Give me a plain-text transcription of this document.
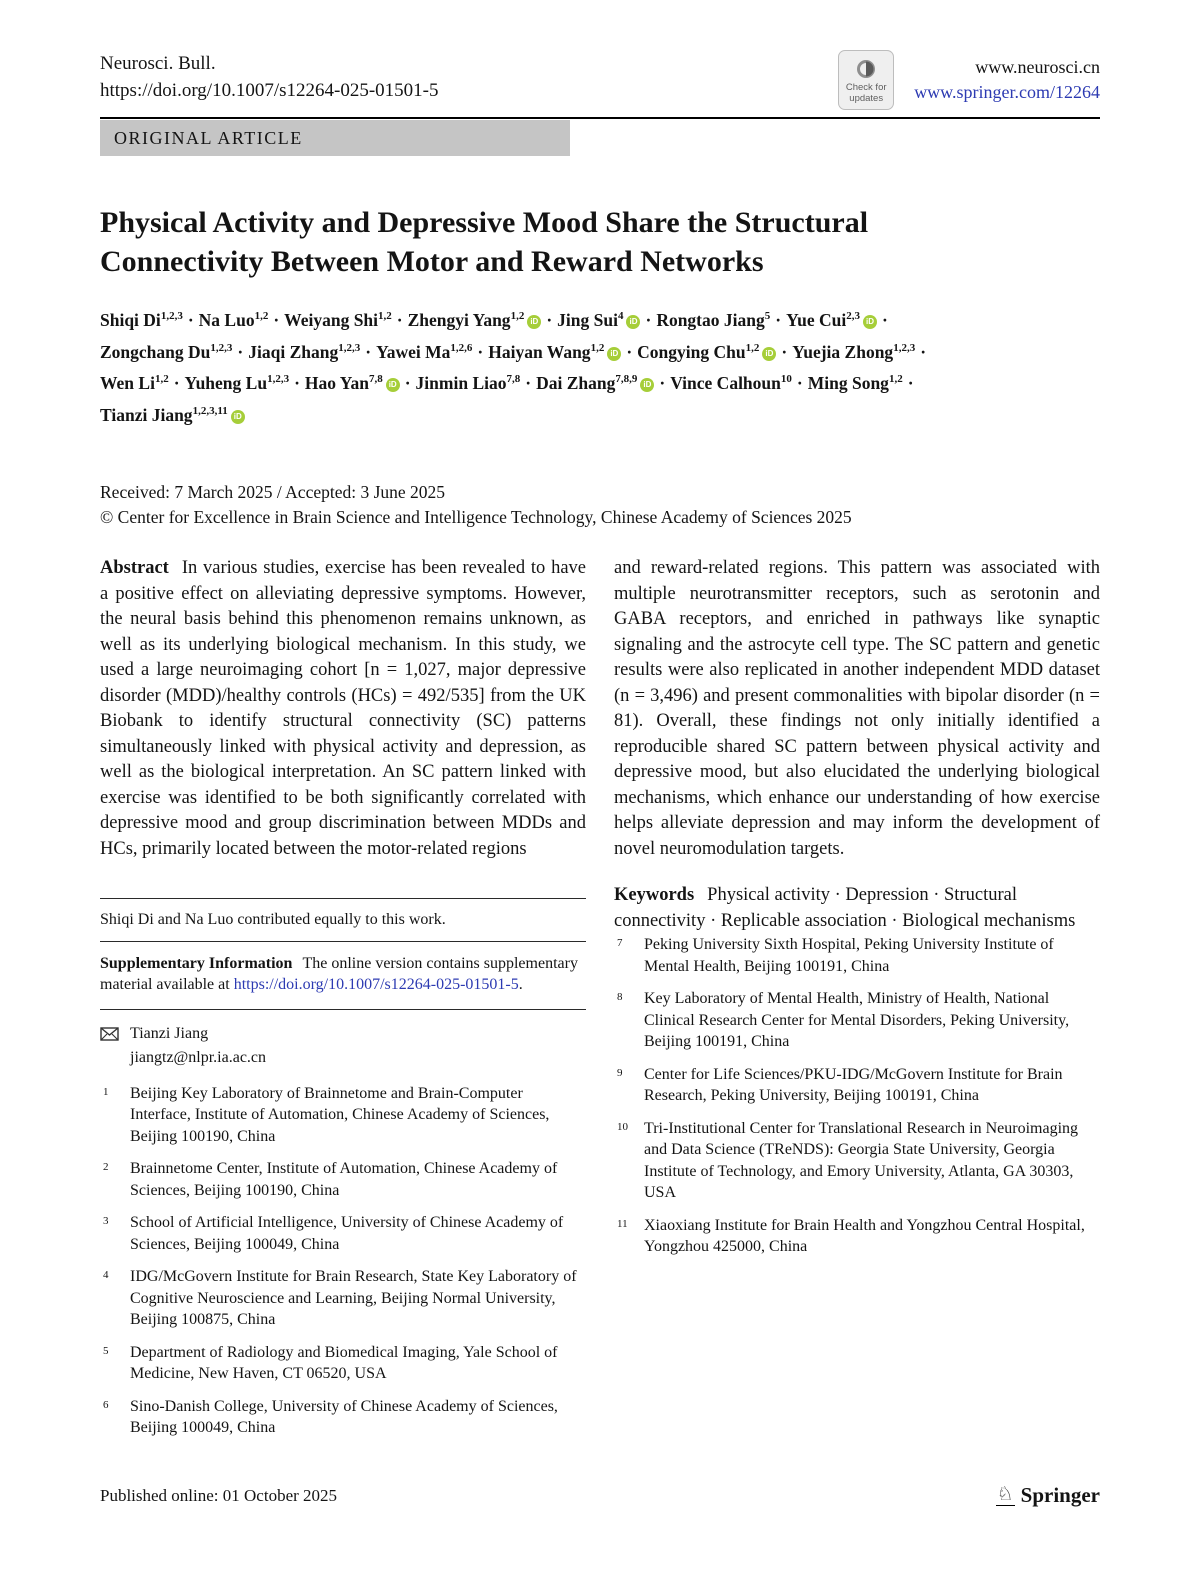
Neurosci. Bull.
https://doi.org/10.1007/s12264-025-01501-5	Check for
updates
www.neurosci.cn
www.springer.com/12264
ORIGINAL ARTICLE
Physical Activity and Depressive Mood Share the Structural Connectivity Between Motor and Reward Networks
Shiqi Di$^{1,2,3}$ · Na Luo$^{1,2}$ · Weiyang Shi$^{1,2}$ · Zhengyi Yang$^{1,2}$ iD · Jing Sui$^4$ iD · Rongtao Jiang$^5$ · Yue Cui$^{2,3}$ iD ·
Zongchang Du$^{1,2,3}$ · Jiaqi Zhang$^{1,2,3}$ · Yawei Ma$^{1,2,6}$ · Haiyan Wang$^{1,2}$ iD · Congying Chu$^{1,2}$ iD · Yuejia Zhong$^{1,2,3}$ ·
Wen Li$^{1,2}$ · Yuheng Lu$^{1,2,3}$ · Hao Yan$^{7,8}$ iD · Jinmin Liao$^{7,8}$ · Dai Zhang$^{7,8,9}$ iD · Vince Calhoun$^{10}$ · Ming Song$^{1,2}$ ·
Tianzi Jiang$^{1,2,3,11}$ iD
Received: 7 March 2025 / Accepted: 3 June 2025
© Center for Excellence in Brain Science and Intelligence Technology, Chinese Academy of Sciences 2025
Abstract In various studies, exercise has been revealed to have a positive effect on alleviating depressive symptoms. However, the neural basis behind this phenomenon remains unknown, as well as its underlying biological mechanism. In this study, we used a large neuroimaging cohort [n = 1,027, major depressive disorder (MDD)/healthy controls (HCs) = 492/535] from the UK Biobank to identify structural connectivity (SC) patterns simultaneously linked with physical activity and depression, as well as the biological interpretation. An SC pattern linked with exercise was identified to be both significantly correlated with depressive mood and group discrimination between MDDs and HCs, primarily located between the motor-related regions
Shiqi Di and Na Luo contributed equally to this work.
Supplementary Information The online version contains supplementary material available at https://doi.org/10.1007/s12264-025-01501-5.
Tianzi Jiang
jiangtz@nlpr.ia.ac.cn
1 Beijing Key Laboratory of Brainnetome and Brain-Computer Interface, Institute of Automation, Chinese Academy of Sciences, Beijing 100190, China
2 Brainnetome Center, Institute of Automation, Chinese Academy of Sciences, Beijing 100190, China
3 School of Artificial Intelligence, University of Chinese Academy of Sciences, Beijing 100049, China
4 IDG/McGovern Institute for Brain Research, State Key Laboratory of Cognitive Neuroscience and Learning, Beijing Normal University, Beijing 100875, China
5 Department of Radiology and Biomedical Imaging, Yale School of Medicine, New Haven, CT 06520, USA
6 Sino-Danish College, University of Chinese Academy of Sciences, Beijing 100049, China
and reward-related regions. This pattern was associated with multiple neurotransmitter receptors, such as serotonin and GABA receptors, and enriched in pathways like synaptic signaling and the astrocyte cell type. The SC pattern and genetic results were also replicated in another independent MDD dataset (n = 3,496) and present commonalities with bipolar disorder (n = 81). Overall, these findings not only initially identified a reproducible shared SC pattern between physical activity and depressive mood, but also elucidated the underlying biological mechanisms, which enhance our understanding of how exercise helps alleviate depression and may inform the development of novel neuromodulation targets.
Keywords Physical activity · Depression · Structural connectivity · Replicable association · Biological mechanisms
7 Peking University Sixth Hospital, Peking University Institute of Mental Health, Beijing 100191, China
8 Key Laboratory of Mental Health, Ministry of Health, National Clinical Research Center for Mental Disorders, Peking University, Beijing 100191, China
9 Center for Life Sciences/PKU-IDG/McGovern Institute for Brain Research, Peking University, Beijing 100191, China
10 Tri-Institutional Center for Translational Research in Neuroimaging and Data Science (TReNDS): Georgia State University, Georgia Institute of Technology, and Emory University, Atlanta, GA 30303, USA
11 Xiaoxiang Institute for Brain Health and Yongzhou Central Hospital, Yongzhou 425000, China
Published online: 01 October 2025	♘ Springer
